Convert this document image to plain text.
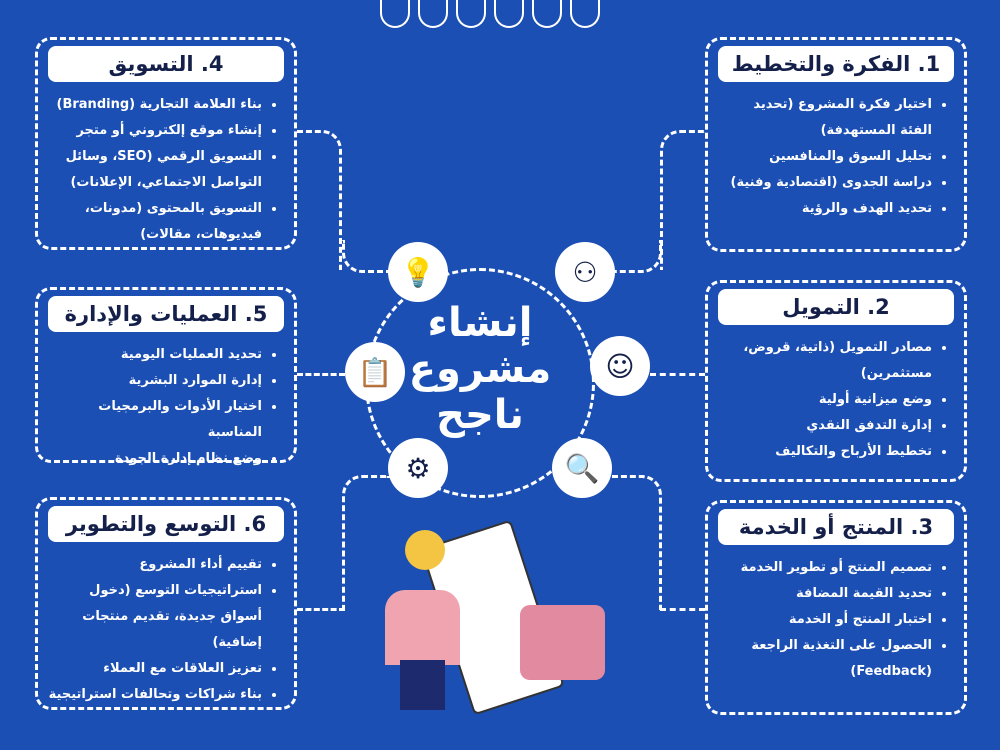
إنشاء
مشروع
ناجح
⚇
💡
📋	☺
⚙	🔍
1. الفكرة والتخطيط
• اختيار فكرة المشروع (تحديد الفئة المستهدفة)
• تحليل السوق والمنافسين
• دراسة الجدوى (اقتصادية وفنية)
• تحديد الهدف والرؤية
2. التمويل
• مصادر التمويل (ذاتية، قروض، مستثمرين)
• وضع ميزانية أولية
• إدارة التدفق النقدي
• تخطيط الأرباح والتكاليف
3. المنتج أو الخدمة
• تصميم المنتج أو تطوير الخدمة
• تحديد القيمة المضافة
• اختبار المنتج أو الخدمة
• الحصول على التغذية الراجعة (Feedback)
4. التسويق
• بناء العلامة التجارية (Branding)
• إنشاء موقع إلكتروني أو متجر
• التسويق الرقمي (SEO، وسائل التواصل الاجتماعي، الإعلانات)
• التسويق بالمحتوى (مدونات، فيديوهات، مقالات)
5. العمليات والإدارة
• تحديد العمليات اليومية
• إدارة الموارد البشرية
• اختيار الأدوات والبرمجيات المناسبة
• وضع نظام إدارة الجودة
6. التوسع والتطوير
• تقييم أداء المشروع
• استراتيجيات التوسع (دخول أسواق جديدة، تقديم منتجات إضافية)
• تعزيز العلاقات مع العملاء
• بناء شراكات وتحالفات استراتيجية
